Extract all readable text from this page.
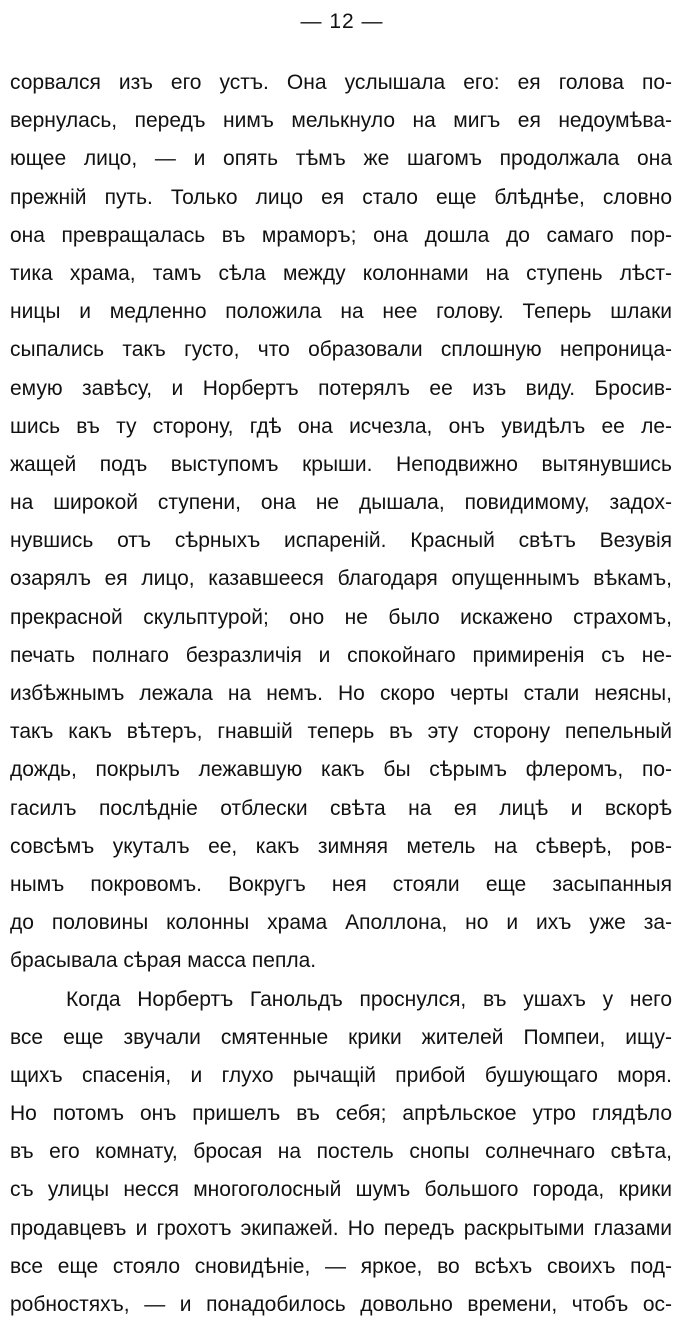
— 12 —
сорвался изъ его устъ. Она услышала его: ея голова по-
вернулась, передъ нимъ мелькнуло на мигъ ея недоумѣва-
ющее лицо, — и опять тѣмъ же шагомъ продолжала она
прежній путь. Только лицо ея стало еще блѣднѣе, словно
она превращалась въ мраморъ; она дошла до самаго пор-
тика храма, тамъ сѣла между колоннами на ступень лѣст-
ницы и медленно положила на нее голову. Теперь шлаки
сыпались такъ густо, что образовали сплошную непроница-
емую завѣсу, и Норбертъ потерялъ ее изъ виду. Бросив-
шись въ ту сторону, гдѣ она исчезла, онъ увидѣлъ ее ле-
жащей подъ выступомъ крыши. Неподвижно вытянувшись
на широкой ступени, она не дышала, повидимому, задох-
нувшись отъ сѣрныхъ испареній. Красный свѣтъ Везувія
озарялъ ея лицо, казавшееся благодаря опущеннымъ вѣкамъ,
прекрасной скульптурой; оно не было искажено страхомъ,
печать полнаго безразличія и спокойнаго примиренія съ не-
избѣжнымъ лежала на немъ. Но скоро черты стали неясны,
такъ какъ вѣтеръ, гнавшій теперь въ эту сторону пепельный
дождь, покрылъ лежавшую какъ бы сѣрымъ флеромъ, по-
гасилъ послѣдніе отблески свѣта на ея лицѣ и вскорѣ
совсѣмъ укуталъ ее, какъ зимняя метель на сѣверѣ, ров-
нымъ покровомъ. Вокругъ нея стояли еще засыпанныя
до половины колонны храма Аполлона, но и ихъ уже за-
брасывала сѣрая масса пепла.
Когда Норбертъ Ганольдъ проснулся, въ ушахъ у него
все еще звучали смятенные крики жителей Помпеи, ищу-
щихъ спасенія, и глухо рычащій прибой бушующаго моря.
Но потомъ онъ пришелъ въ себя; апрѣльское утро глядѣло
въ его комнату, бросая на постель снопы солнечнаго свѣта,
съ улицы несся многоголосный шумъ большого города, крики
продавцевъ и грохотъ экипажей. Но передъ раскрытыми глазами
все еще стояло сновидѣніе, — яркое, во всѣхъ своихъ под-
робностяхъ, — и понадобилось довольно времени, чтобъ ос-
